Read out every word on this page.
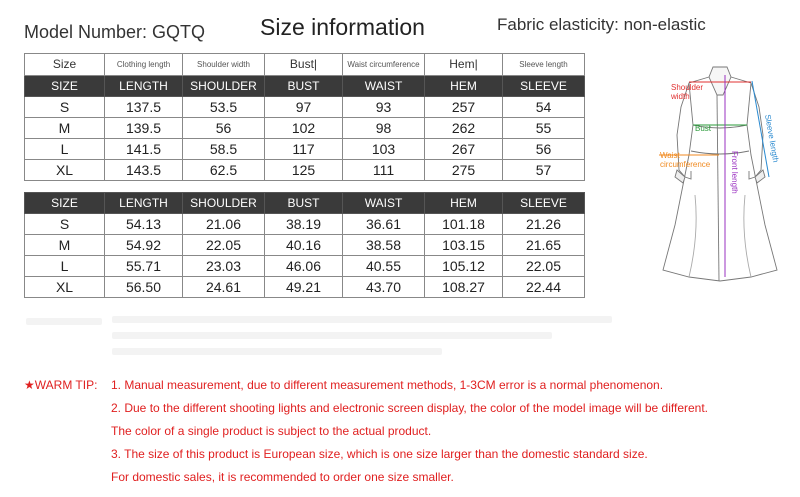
Model Number: GQTQ Size information	Fabric elasticity: non-elastic
Size	Clothing length	Shoulder width	Bust|	Waist circumference	Hem|	Sleeve length
SIZE	LENGTH	SHOULDER	BUST	WAIST	HEM	SLEEVE
S	137.5	53.5	97	93	257	54
M	139.5	56	102	98	262	55
L	141.5	58.5	117	103	267	56
XL	143.5	62.5	125	111	275	57
SIZE	LENGTH	SHOULDER	BUST	WAIST	HEM	SLEEVE
S	54.13	21.06	38.19	36.61	101.18	21.26
M	54.92	22.05	40.16	38.58	103.15	21.65
L	55.71	23.03	46.06	40.55	105.12	22.05
XL	56.50	24.61	49.21	43.70	108.27	22.44
Shoulder width
Bust
Waist circumference Front length
Sleeve length
★WARM TIP: 1. Manual measurement, due to different measurement methods, 1-3CM error is a normal phenomenon.
2. Due to the different shooting lights and electronic screen display, the color of the model image will be different.
The color of a single product is subject to the actual product.
3. The size of this product is European size, which is one size larger than the domestic standard size.
For domestic sales, it is recommended to order one size smaller.
